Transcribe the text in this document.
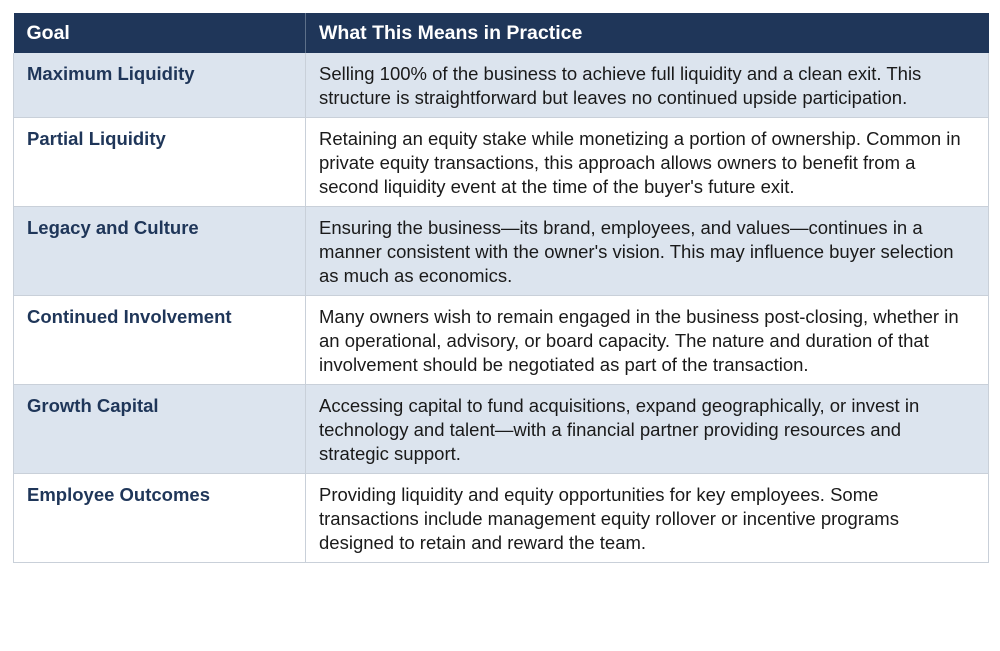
Goal	What This Means in Practice
Maximum Liquidity	Selling 100% of the business to achieve full liquidity and a clean exit. This structure is straightforward but leaves no continued upside participation.
Partial Liquidity	Retaining an equity stake while monetizing a portion of ownership. Common in private equity transactions, this approach allows owners to benefit from a second liquidity event at the time of the buyer's future exit.
Legacy and Culture	Ensuring the business—its brand, employees, and values—continues in a manner consistent with the owner's vision. This may influence buyer selection as much as economics.
Continued Involvement	Many owners wish to remain engaged in the business post-closing, whether in an operational, advisory, or board capacity. The nature and duration of that involvement should be negotiated as part of the transaction.
Growth Capital	Accessing capital to fund acquisitions, expand geographically, or invest in technology and talent—with a financial partner providing resources and strategic support.
Employee Outcomes	Providing liquidity and equity opportunities for key employees. Some transactions include management equity rollover or incentive programs designed to retain and reward the team.
